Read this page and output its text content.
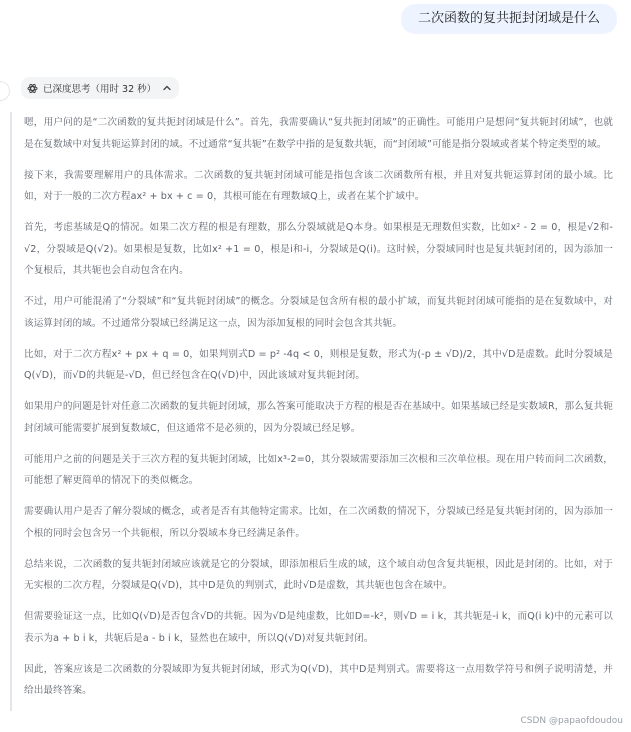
二次函数的复共扼封闭域是什么
已深度思考（用时 32 秒）

嗯，用户问的是“二次函数的复共扼封闭域是什么”。首先，我需要确认“复共扼封闭域”的正确性。可能用户是想问“复共轭封闭域”，也就是在复数域中对复共轭运算封闭的域。不过通常“复共轭”在数学中指的是复数共轭，而“封闭域”可能是指分裂域或者某个特定类型的域。

接下来，我需要理解用户的具体需求。二次函数的复共轭封闭域可能是指包含该二次函数所有根，并且对复共轭运算封闭的最小域。比如，对于一般的二次方程ax² + bx + c = 0，其根可能在有理数域Q上，或者在某个扩域中。

首先，考虑基域是Q的情况。如果二次方程的根是有理数，那么分裂域就是Q本身。如果根是无理数但实数，比如x² - 2 = 0，根是√2和-√2，分裂域是Q(√2)。如果根是复数，比如x² +1 = 0，根是i和-i，分裂域是Q(i)。这时候，分裂域同时也是复共轭封闭的，因为添加一个复根后，其共轭也会自动包含在内。

不过，用户可能混淆了“分裂域”和“复共轭封闭域”的概念。分裂域是包含所有根的最小扩域，而复共轭封闭域可能指的是在复数域中，对该运算封闭的域。不过通常分裂域已经满足这一点，因为添加复根的同时会包含其共轭。

比如，对于二次方程x² + px + q = 0，如果判别式D = p² -4q < 0，则根是复数，形式为(-p ± √D)/2，其中√D是虚数。此时分裂域是Q(√D)，而√D的共轭是-√D，但已经包含在Q(√D)中，因此该域对复共轭封闭。

如果用户的问题是针对任意二次函数的复共轭封闭域，那么答案可能取决于方程的根是否在基域中。如果基域已经是实数域R，那么复共轭封闭域可能需要扩展到复数域C，但这通常不是必须的，因为分裂域已经足够。

可能用户之前的问题是关于三次方程的复共轭封闭域，比如x³-2=0，其分裂域需要添加三次根和三次单位根。现在用户转而问二次函数，可能想了解更简单的情况下的类似概念。

需要确认用户是否了解分裂域的概念，或者是否有其他特定需求。比如，在二次函数的情况下，分裂域已经是复共轭封闭的，因为添加一个根的同时会包含另一个共轭根，所以分裂域本身已经满足条件。

总结来说，二次函数的复共轭封闭域应该就是它的分裂域，即添加根后生成的域，这个域自动包含复共轭根，因此是封闭的。比如，对于无实根的二次方程，分裂域是Q(√D)，其中D是负的判别式，此时√D是虚数，其共轭也包含在域中。

但需要验证这一点，比如Q(√D)是否包含√D的共轭。因为√D是纯虚数，比如D=-k²，则√D = i k，其共轭是-i k，而Q(i k)中的元素可以表示为a + b i k，共轭后是a - b i k，显然也在域中，所以Q(√D)对复共轭封闭。

因此，答案应该是二次函数的分裂域即为复共轭封闭域，形式为Q(√D)，其中D是判别式。需要将这一点用数学符号和例子说明清楚，并给出最终答案。

CSDN @papaofdoudou
